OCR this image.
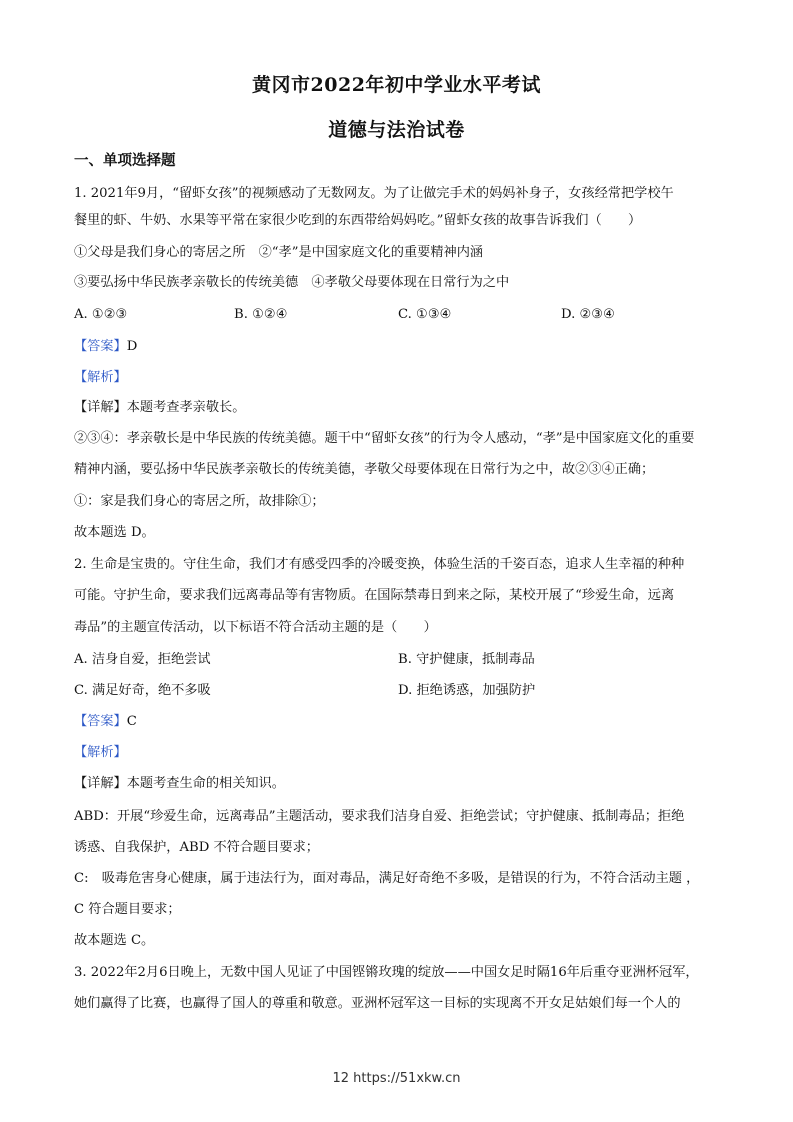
黄冈市2022年初中学业水平考试
道德与法治试卷
一、单项选择题
1. 2021年9月，“留虾女孩”的视频感动了无数网友。为了让做完手术的妈妈补身子，女孩经常把学校午
餐里的虾、牛奶、水果等平常在家很少吃到的东西带给妈妈吃。”留虾女孩的故事告诉我们（　　）
①父母是我们身心的寄居之所　②“孝”是中国家庭文化的重要精神内涵
③要弘扬中华民族孝亲敬长的传统美德　④孝敬父母要体现在日常行为之中
A. ①②③	B. ①②④	C. ①③④	D. ②③④
【答案】D
【解析】
【详解】本题考查孝亲敬长。
②③④：孝亲敬长是中华民族的传统美德。题干中“留虾女孩”的行为令人感动，“孝”是中国家庭文化的重要
精神内涵，要弘扬中华民族孝亲敬长的传统美德，孝敬父母要体现在日常行为之中，故②③④正确；
①：家是我们身心的寄居之所，故排除①；
故本题选 D。
2. 生命是宝贵的。守住生命，我们才有感受四季的冷暖变换，体验生活的千姿百态，追求人生幸福的种种
可能。守护生命，要求我们远离毒品等有害物质。在国际禁毒日到来之际，某校开展了“珍爱生命，远离
毒品”的主题宣传活动，以下标语不符合活动主题的是（　　）
A. 洁身自爱，拒绝尝试	B. 守护健康，抵制毒品
C. 满足好奇，绝不多吸	D. 拒绝诱惑，加强防护
【答案】C
【解析】
【详解】本题考查生命的相关知识。
ABD：开展“珍爱生命，远离毒品”主题活动，要求我们洁身自爱、拒绝尝试；守护健康、抵制毒品；拒绝
诱惑、自我保护，ABD 不符合题目要求；
C:　吸毒危害身心健康，属于违法行为，面对毒品，满足好奇绝不多吸，是错误的行为，不符合活动主题 ，
C 符合题目要求；
故本题选 C。
3. 2022年2月6日晚上，无数中国人见证了中国铿锵玫瑰的绽放——中国女足时隔16年后重夺亚洲杯冠军，
她们赢得了比赛，也赢得了国人的尊重和敬意。亚洲杯冠军这一目标的实现离不开女足姑娘们每一个人的
12 https://51xkw.cn
